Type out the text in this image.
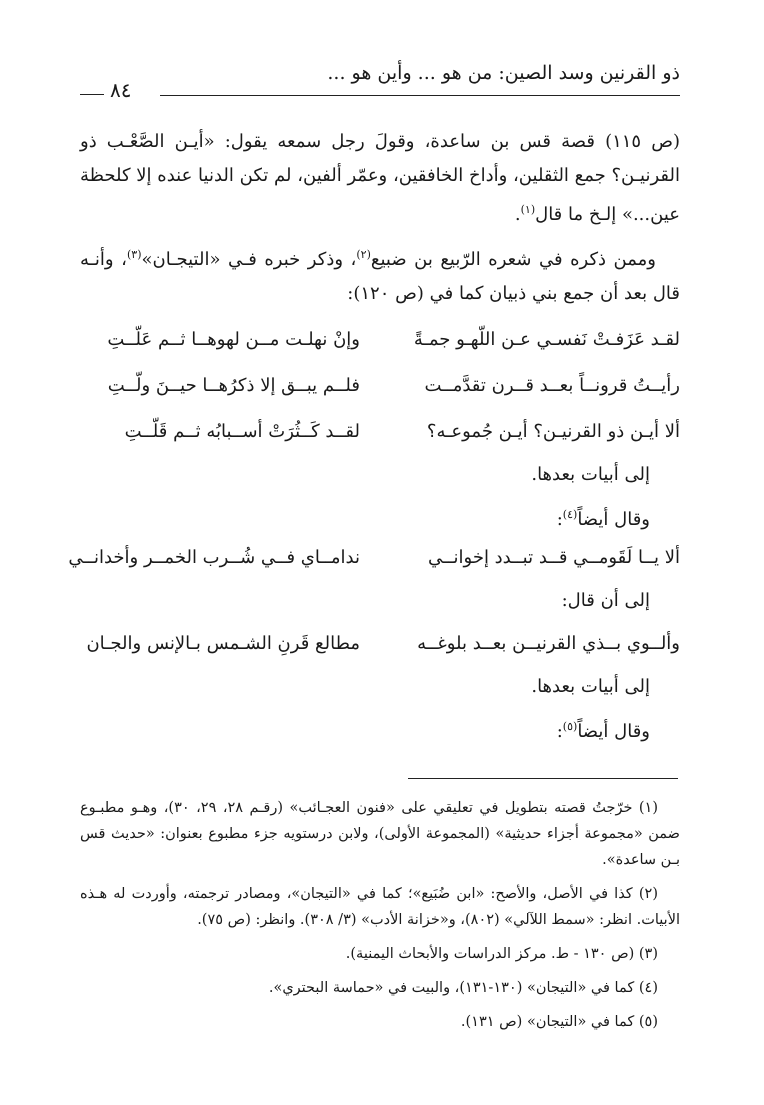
ذو القرنين وسد الصين: من هو ... وأين هو ...
٨٤

(ص ١١٥) قصة قس بن ساعدة، وقولَ رجل سمعه يقول: «أيـن الصَّعْـب ذو القرنيـن؟ جمع الثقلين، وأداخ الخافقين، وعمّر ألفين، لم تكن الدنيا عنده إلا كلحظة عين...» إلـخ ما قال$^{(١)}$.

وممن ذكره في شعره الرّبيع بن ضبيع$^{(٢)}$، وذكر خبره فـي «التيجـان»$^{(٣)}$، وأنـه قال بعد أن جمع بني ذبيان كما في (ص ١٢٠):

لقـد عَزَفـتْ نَفسـي عـن اللّهـو جمـةً
وإنْ نهلـت مــن لهوهــا ثــم عَلّــتِ
رأيــتُ قرونــاً بعــد قــرن تقدَّمــت
فلــم يبــق إلا ذكرُهــا حيــنَ ولّــتِ
ألا أيـن ذو القرنيـن؟ أيـن جُموعـه؟
لقــد كَــثُرَتْ أســبابُه ثــم قَلّــتِ
إلى أبيات بعدها.
وقال أيضاً$^{(٤)}$:
ألا يــا لَقَومــي قــد تبــدد إخوانــي
ندامــاي فــي شُــرب الخمــر وأخدانــي
إلى أن قال:
وألــوي بــذي القرنيــن بعــد بلوغــه
مطالع قَرنِ الشـمس بـالإنس والجـان
إلى أبيات بعدها.
وقال أيضاً$^{(٥)}$:

(١) خرّجتُ قصته بتطويل في تعليقي على «فنون العجـائب» (رقـم ٢٨، ٢٩، ٣٠)، وهـو مطبـوع ضمن «مجموعة أجزاء حديثية» (المجموعة الأولى)، ولابن درستويه جزء مطبوع بعنوان: «حديث قس بـن ساعدة».

(٢) كذا في الأصل، والأصح: «ابن ضُبَيع»؛ كما في «التيجان»، ومصادر ترجمته، وأوردت له هـذه الأبيات. انظر: «سمط اللآلي» (٨٠٢)، و«خزانة الأدب» (٣/ ٣٠٨). وانظر: (ص ٧٥).

(٣) (ص ١٣٠ - ط. مركز الدراسات والأبحاث اليمنية).

(٤) كما في «التيجان» (١٣٠-١٣١)، والبيت في «حماسة البحتري».

(٥) كما في «التيجان» (ص ١٣١).
